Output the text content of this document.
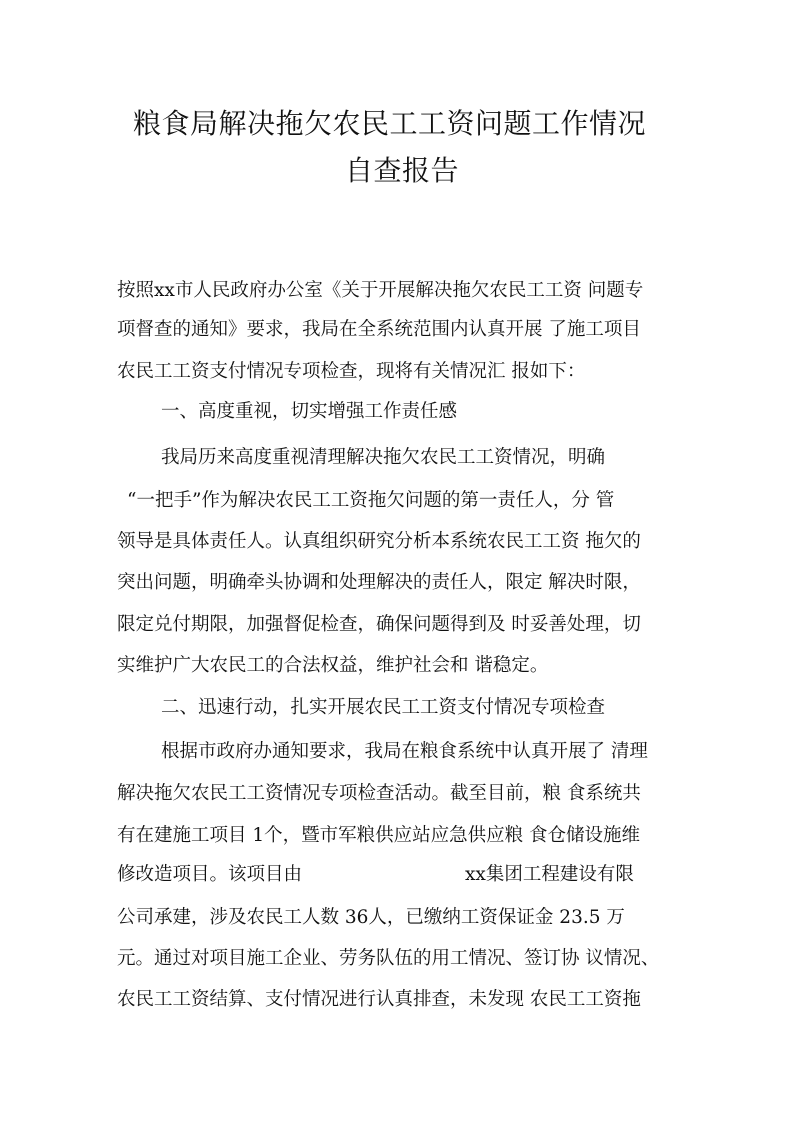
粮食局解决拖欠农民工工资问题工作情况
自查报告
按照xx市人民政府办公室《关于开展解决拖欠农民工工资 问题专
项督查的通知》要求，我局在全系统范围内认真开展 了施工项目
农民工工资支付情况专项检查，现将有关情况汇 报如下：
一、高度重视，切实增强工作责任感
我局历来高度重视清理解决拖欠农民工工资情况，明确
“一把手”作为解决农民工工资拖欠问题的第一责任人，分 管
领导是具体责任人。认真组织研究分析本系统农民工工资 拖欠的
突出问题，明确牵头协调和处理解决的责任人，限定 解决时限，
限定兑付期限，加强督促检查，确保问题得到及 时妥善处理，切
实维护广大农民工的合法权益，维护社会和 谐稳定。
二、迅速行动，扎实开展农民工工资支付情况专项检查
根据市政府办通知要求，我局在粮食系统中认真开展了 清理
解决拖欠农民工工资情况专项检查活动。截至目前，粮 食系统共
有在建施工项目 1个，暨市军粮供应站应急供应粮 食仓储设施维
修改造项目。该项目由	xx集团工程建设有限
公司承建，涉及农民工人数 36人，已缴纳工资保证金 23.5 万
元。通过对项目施工企业、劳务队伍的用工情况、签订协 议情况、
农民工工资结算、支付情况进行认真排查，未发现 农民工工资拖
